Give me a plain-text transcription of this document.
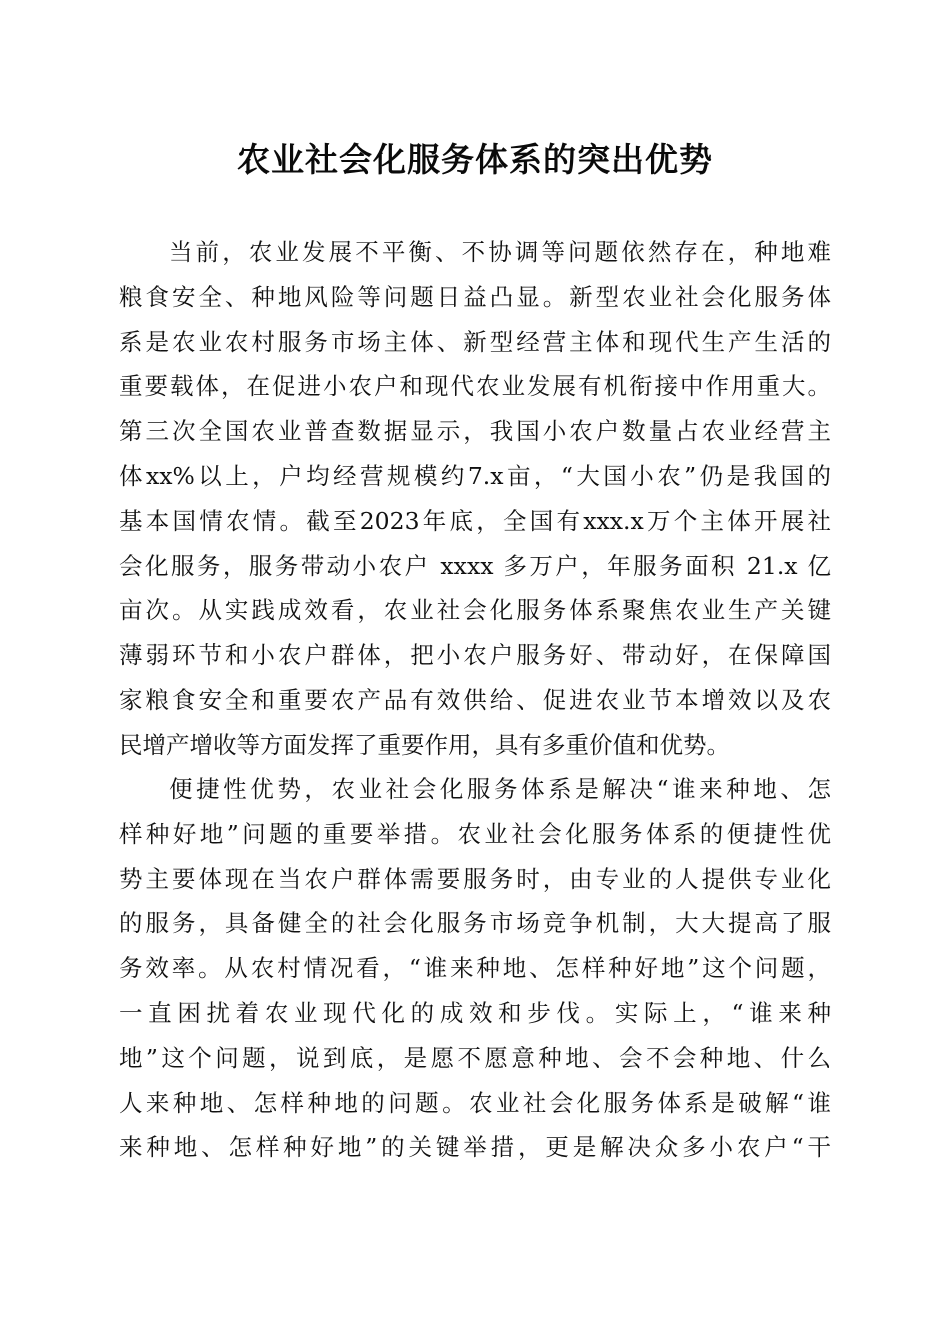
农业社会化服务体系的突出优势
当前，农业发展不平衡、不协调等问题依然存在，种地难
粮食安全、种地风险等问题日益凸显。新型农业社会化服务体
系是农业农村服务市场主体、新型经营主体和现代生产生活的
重要载体，在促进小农户和现代农业发展有机衔接中作用重大。
第三次全国农业普查数据显示，我国小农户数量占农业经营主
体xx%以上，户均经营规模约7.x亩，“大国小农”仍是我国的
基本国情农情。截至2023年底，全国有xxx.x万个主体开展社
会化服务，服务带动小农户 xxxx 多万户，年服务面积 21.x 亿
亩次。从实践成效看，农业社会化服务体系聚焦农业生产关键
薄弱环节和小农户群体，把小农户服务好、带动好，在保障国
家粮食安全和重要农产品有效供给、促进农业节本增效以及农
民增产增收等方面发挥了重要作用，具有多重价值和优势。
便捷性优势，农业社会化服务体系是解决“谁来种地、怎
样种好地”问题的重要举措。农业社会化服务体系的便捷性优
势主要体现在当农户群体需要服务时，由专业的人提供专业化
的服务，具备健全的社会化服务市场竞争机制，大大提高了服
务效率。从农村情况看，“谁来种地、怎样种好地”这个问题，
一直困扰着农业现代化的成效和步伐。实际上，“谁来种
地”这个问题，说到底，是愿不愿意种地、会不会种地、什么
人来种地、怎样种地的问题。农业社会化服务体系是破解“谁
来种地、怎样种好地”的关键举措，更是解决众多小农户“干
